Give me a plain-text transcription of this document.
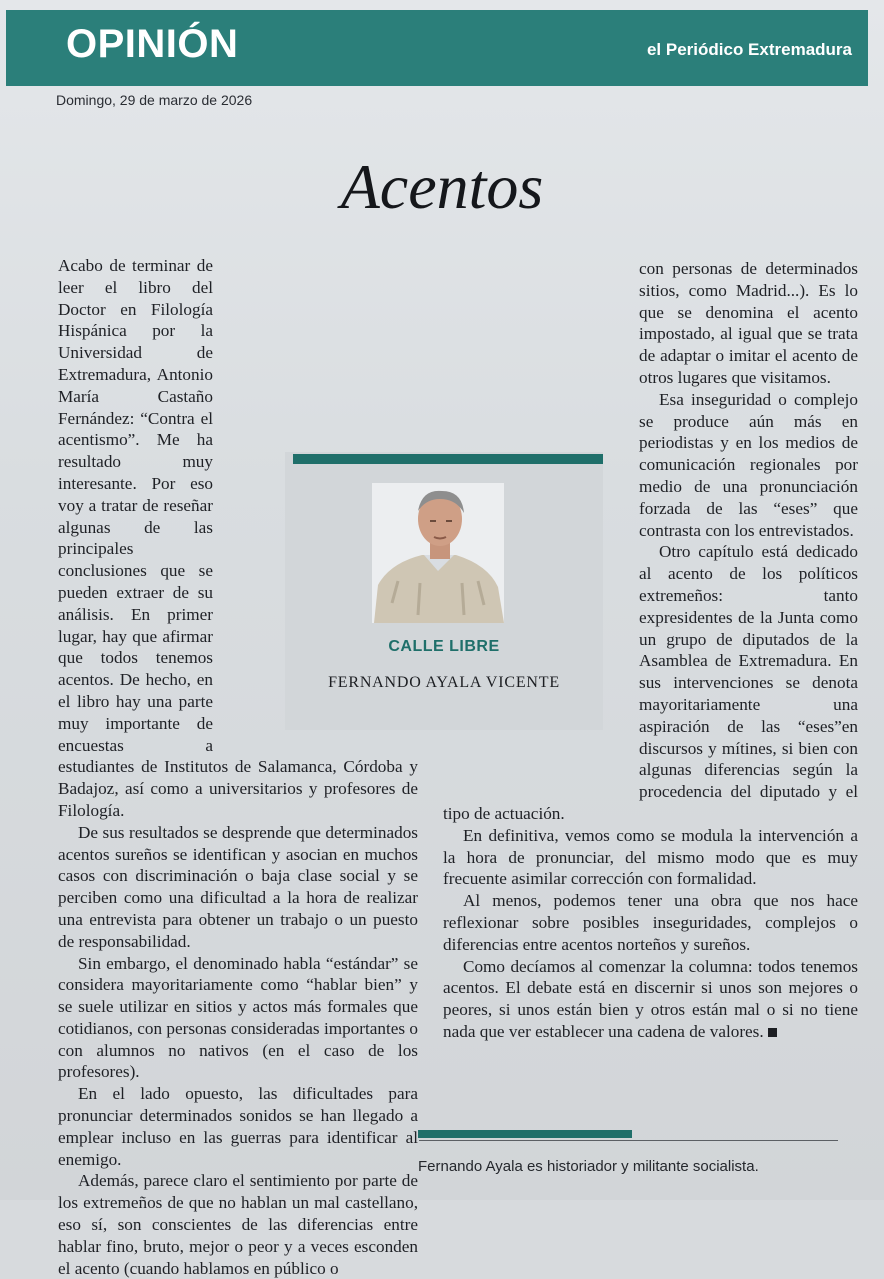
OPINIÓN	el Periódico Extremadura
Domingo, 29 de marzo de 2026
Acentos

Acabo de terminar de leer el libro del Doctor en Filología Hispánica por la Universidad de Extremadura, Antonio María Castaño Fernández: “Contra el acentismo”. Me ha resultado muy interesante. Por eso voy a tratar de reseñar algunas de las principales conclusiones que se pueden extraer de su análisis. En primer lugar, hay que afirmar que todos tenemos acentos. De hecho, en el libro hay una parte muy importante de encuestas a estudiantes de Institutos de Salamanca, Córdoba y Badajoz, así como a universitarios y profesores de Filología.

De sus resultados se desprende que determinados acentos sureños se identifican y asocian en muchos casos con discriminación o baja clase social y se perciben como una dificultad a la hora de realizar una entrevista para obtener un trabajo o un puesto de responsabilidad.

Sin embargo, el denominado habla “estándar” se considera mayoritariamente como “hablar bien” y se suele utilizar en sitios y actos más formales que cotidianos, con personas consideradas importantes o con alumnos no nativos (en el caso de los profesores).

En el lado opuesto, las dificultades para pronunciar determinados sonidos se han llegado a emplear incluso en las guerras para identificar al enemigo.

Además, parece claro el sentimiento por parte de los extremeños de que no hablan un mal castellano, eso sí, son conscientes de las diferencias entre hablar fino, bruto, mejor o peor y a veces esconden el acento (cuando hablamos en público o

con personas de determinados sitios, como Madrid...). Es lo que se denomina el acento impostado, al igual que se trata de adaptar o imitar el acento de otros lugares que visitamos.

Esa inseguridad o complejo se produce aún más en periodistas y en los medios de comunicación regionales por medio de una pronunciación forzada de las “eses” que contrasta con los entrevistados.

Otro capítulo está dedicado al acento de los políticos extremeños: tanto expresidentes de la Junta como un grupo de diputados de la Asamblea de Extremadura. En sus intervenciones se denota mayoritariamente una aspiración de las “eses”en discursos y mítines, si bien con algunas diferencias según la procedencia del diputado y el tipo de actuación.

En definitiva, vemos como se modula la intervención a la hora de pronunciar, del mismo modo que es muy frecuente asimilar corrección con formalidad.

Al menos, podemos tener una obra que nos hace reflexionar sobre posibles inseguridades, complejos o diferencias entre acentos norteños y sureños.

Como decíamos al comenzar la columna: todos tenemos acentos. El debate está en discernir si unos son mejores o peores, si unos están bien y otros están mal o si no tiene nada que ver establecer una cadena de valores.

CALLE LIBRE
FERNANDO AYALA VICENTE
Fernando Ayala es historiador y militante socialista.
